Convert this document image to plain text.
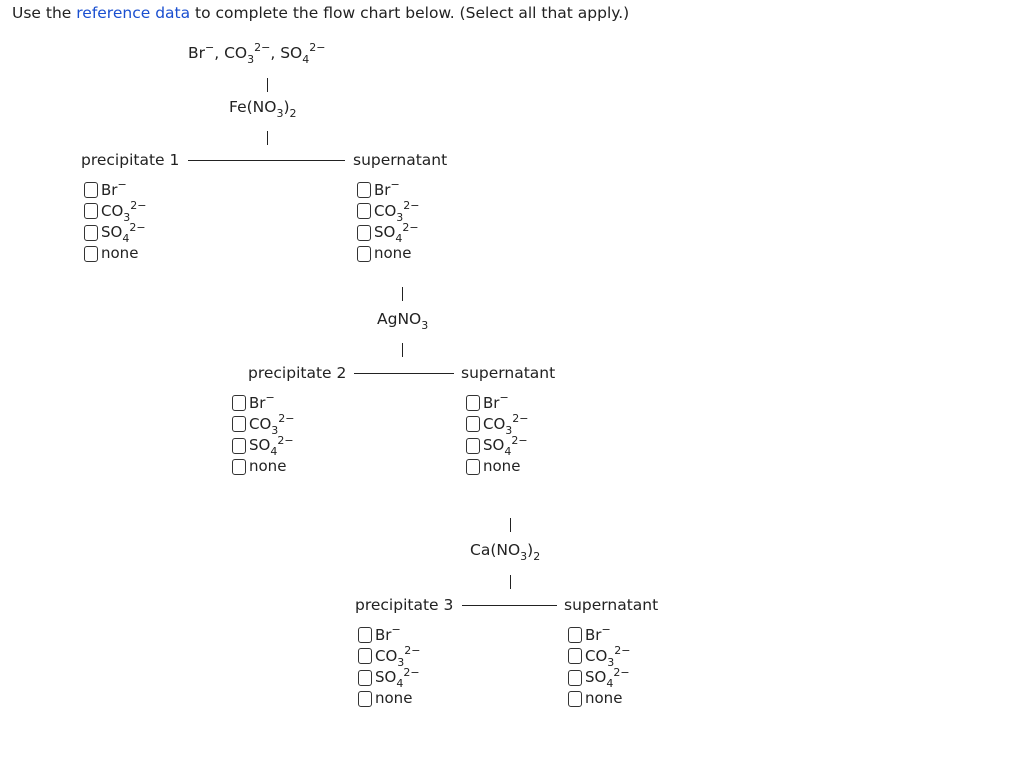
Use the reference data to complete the flow chart below. (Select all that apply.)
Br−, $CO_3^{2-}$, $SO_4^{2-}$
$Fe(NO_3)_2$
precipitate 1	supernatant
Br−
$CO_3^{2-}$
$SO_4^{2-}$
none
Br−
$CO_3^{2-}$
$SO_4^{2-}$
none
AgNO$_3$
precipitate 2	supernatant
Br−
$CO_3^{2-}$
$SO_4^{2-}$
none
Br−
$CO_3^{2-}$
$SO_4^{2-}$
none
$Ca(NO_3)_2$
precipitate 3	supernatant
Br−
$CO_3^{2-}$
$SO_4^{2-}$
none
Br−
$CO_3^{2-}$
$SO_4^{2-}$
none
